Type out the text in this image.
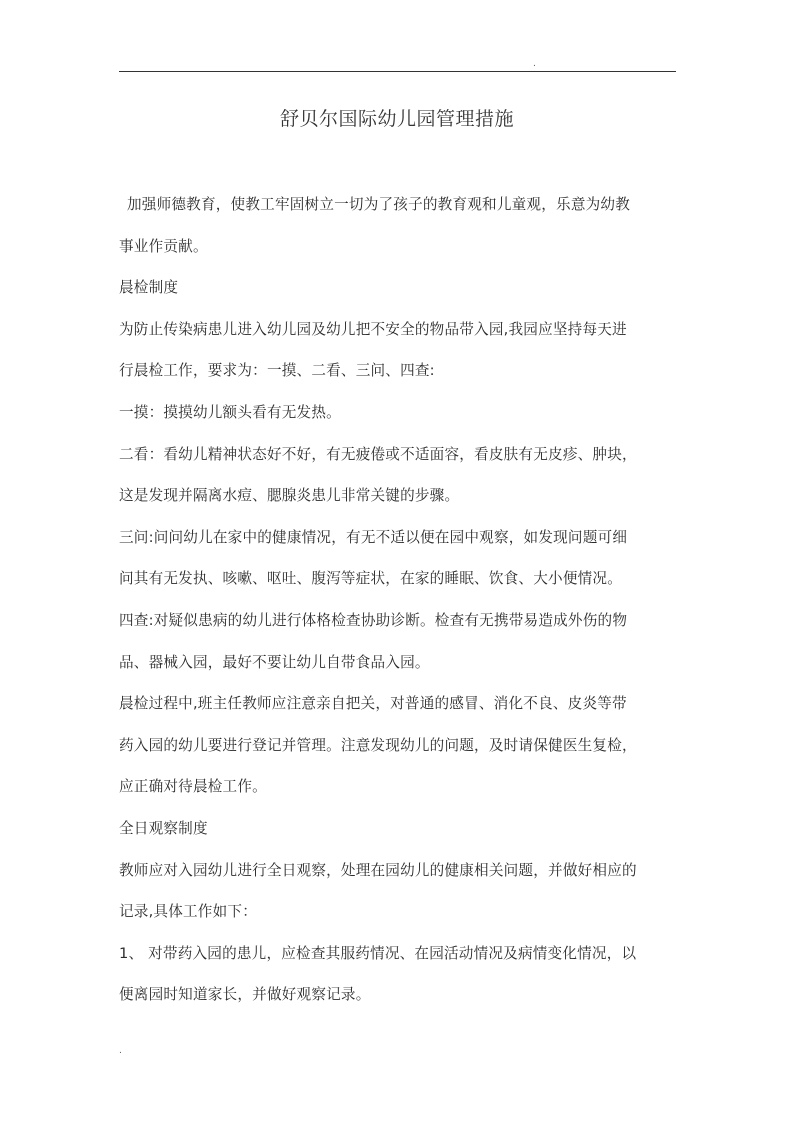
.
舒贝尔国际幼儿园管理措施

加强师德教育，使教工牢固树立一切为了孩子的教育观和儿童观，乐意为幼教

事业作贡献。

晨检制度

为防止传染病患儿进入幼儿园及幼儿把不安全的物品带入园,我园应坚持每天进

行晨检工作，要求为：一摸、二看、三问、四查:

一摸：摸摸幼儿额头看有无发热。

二看：看幼儿精神状态好不好，有无疲倦或不适面容，看皮肤有无皮疹、肿块，

这是发现并隔离水痘、腮腺炎患儿非常关键的步骤。

三问:问问幼儿在家中的健康情况，有无不适以便在园中观察，如发现问题可细

问其有无发执、咳嗽、呕吐、腹泻等症状，在家的睡眠、饮食、大小便情况。

四查:对疑似患病的幼儿进行体格检查协助诊断。检查有无携带易造成外伤的物

品、器械入园，最好不要让幼儿自带食品入园。

晨检过程中,班主任教师应注意亲自把关，对普通的感冒、消化不良、皮炎等带

药入园的幼儿要进行登记并管理。注意发现幼儿的问题，及时请保健医生复检，

应正确对待晨检工作。

全日观察制度

教师应对入园幼儿进行全日观察，处理在园幼儿的健康相关问题，并做好相应的

记录,具体工作如下：

1、 对带药入园的患儿，应检查其服药情况、在园活动情况及病情变化情况，以

便离园时知道家长，并做好观察记录。

.
